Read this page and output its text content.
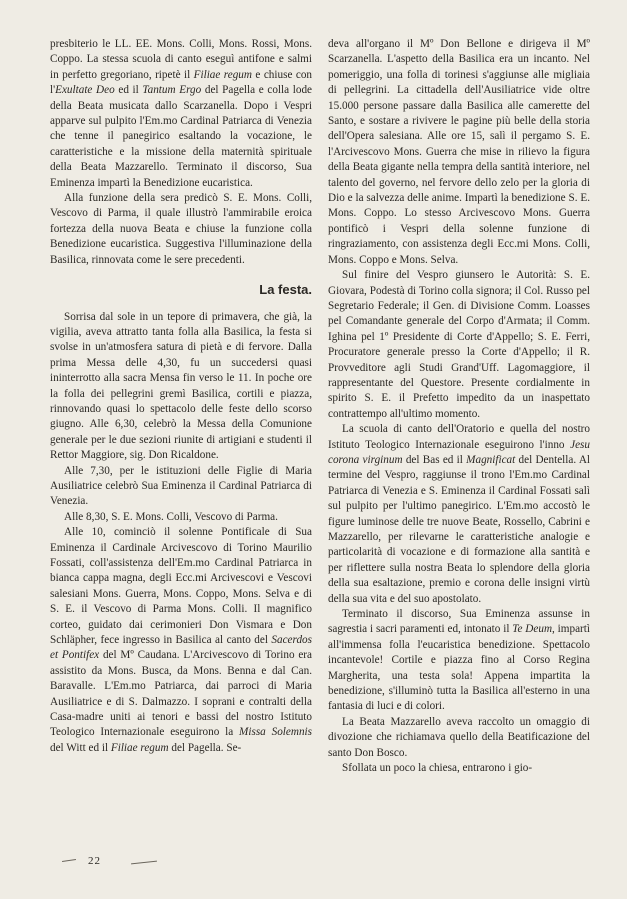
presbiterio le LL. EE. Mons. Colli, Mons. Rossi, Mons. Coppo. La stessa scuola di canto eseguì antifone e salmi in perfetto gregoriano, ripetè il Filiae regum e chiuse con l'Exultate Deo ed il Tantum Ergo del Pagella e colla lode della Beata musicata dallo Scarzanella. Dopo i Vespri apparve sul pulpito l'Em.mo Cardinal Patriarca di Venezia che tenne il panegirico esaltando la vocazione, le caratteristiche e la missione della maternità spirituale della Beata Mazzarello. Terminato il discorso, Sua Eminenza impartì la Benedizione eucaristica.

Alla funzione della sera predicò S. E. Mons. Colli, Vescovo di Parma, il quale illustrò l'ammirabile eroica fortezza della nuova Beata e chiuse la funzione colla Benedizione eucaristica. Suggestiva l'illuminazione della Basilica, rinnovata come le sere precedenti.

La festa.

Sorrisa dal sole in un tepore di primavera, che già, la vigilia, aveva attratto tanta folla alla Basilica, la festa si svolse in un'atmosfera satura di pietà e di fervore. Dalla prima Messa delle 4,30, fu un succedersi quasi ininterrotto alla sacra Mensa fin verso le 11. In poche ore la folla dei pellegrini gremì Basilica, cortili e piazza, rinnovando quasi lo spettacolo delle feste dello scorso giugno. Alle 6,30, celebrò la Messa della Comunione generale per le due sezioni riunite di artigiani e studenti il Rettor Maggiore, sig. Don Ricaldone.

Alle 7,30, per le istituzioni delle Figlie di Maria Ausiliatrice celebrò Sua Eminenza il Cardinal Patriarca di Venezia.

Alle 8,30, S. E. Mons. Colli, Vescovo di Parma.

Alle 10, cominciò il solenne Pontificale di Sua Eminenza il Cardinale Arcivescovo di Torino Maurilio Fossati, coll'assistenza dell'Em.mo Cardinal Patriarca in bianca cappa magna, degli Ecc.mi Arcivescovi e Vescovi salesiani Mons. Guerra, Mons. Coppo, Mons. Selva e di S. E. il Vescovo di Parma Mons. Colli. Il magnifico corteo, guidato dai cerimonieri Don Vismara e Don Schläpher, fece ingresso in Basilica al canto del Sacerdos et Pontifex del Mº Caudana. L'Arcivescovo di Torino era assistito da Mons. Busca, da Mons. Benna e dal Can. Baravalle. L'Em.mo Patriarca, dai parroci di Maria Ausiliatrice e di S. Dalmazzo. I soprani e contralti della Casa-madre uniti ai tenori e bassi del nostro Istituto Teologico Internazionale eseguirono la Missa Solemnis del Witt ed il Filiae regum del Pagella. Se-

deva all'organo il Mº Don Bellone e dirigeva il Mº Scarzanella. L'aspetto della Basilica era un incanto. Nel pomeriggio, una folla di torinesi s'aggiunse alle migliaia di pellegrini. La cittadella dell'Ausiliatrice vide oltre 15.000 persone passare dalla Basilica alle camerette del Santo, e sostare a rivivere le pagine più belle della storia dell'Opera salesiana. Alle ore 15, salì il pergamo S. E. l'Arcivescovo Mons. Guerra che mise in rilievo la figura della Beata gigante nella tempra della santità interiore, nel talento del governo, nel fervore dello zelo per la gloria di Dio e la salvezza delle anime. Impartì la benedizione S. E. Mons. Coppo. Lo stesso Arcivescovo Mons. Guerra pontificò i Vespri della solenne funzione di ringraziamento, con assistenza degli Ecc.mi Mons. Colli, Mons. Coppo e Mons. Selva.

Sul finire del Vespro giunsero le Autorità: S. E. Giovara, Podestà di Torino colla signora; il Col. Russo pel Segretario Federale; il Gen. di Divisione Comm. Loasses pel Comandante generale del Corpo d'Armata; il Comm. Ighina pel 1º Presidente di Corte d'Appello; S. E. Ferri, Procuratore generale presso la Corte d'Appello; il R. Provveditore agli Studi Grand'Uff. Lagomaggiore, il rappresentante del Questore. Presente cordialmente in spirito S. E. il Prefetto impedito da un inaspettato contrattempo all'ultimo momento.

La scuola di canto dell'Oratorio e quella del nostro Istituto Teologico Internazionale eseguirono l'inno Jesu corona virginum del Bas ed il Magnificat del Dentella. Al termine del Vespro, raggiunse il trono l'Em.mo Cardinal Patriarca di Venezia e S. Eminenza il Cardinal Fossati salì sul pulpito per l'ultimo panegirico. L'Em.mo accostò le figure luminose delle tre nuove Beate, Rossello, Cabrini e Mazzarello, per rilevarne le caratteristiche analogie e particolarità di vocazione e di formazione alla santità e per riflettere sulla nostra Beata lo splendore della gloria della sua esaltazione, premio e corona delle insigni virtù della sua vita e del suo apostolato.

Terminato il discorso, Sua Eminenza assunse in sagrestia i sacri paramenti ed, intonato il Te Deum, impartì all'immensa folla l'eucaristica benedizione. Spettacolo incantevole! Cortile e piazza fino al Corso Regina Margherita, una testa sola! Appena impartita la benedizione, s'illuminò tutta la Basilica all'esterno in una fantasia di luci e di colori.

La Beata Mazzarello aveva raccolto un omaggio di divozione che richiamava quello della Beatificazione del santo Don Bosco.

Sfollata un poco la chiesa, entrarono i gio-

22
